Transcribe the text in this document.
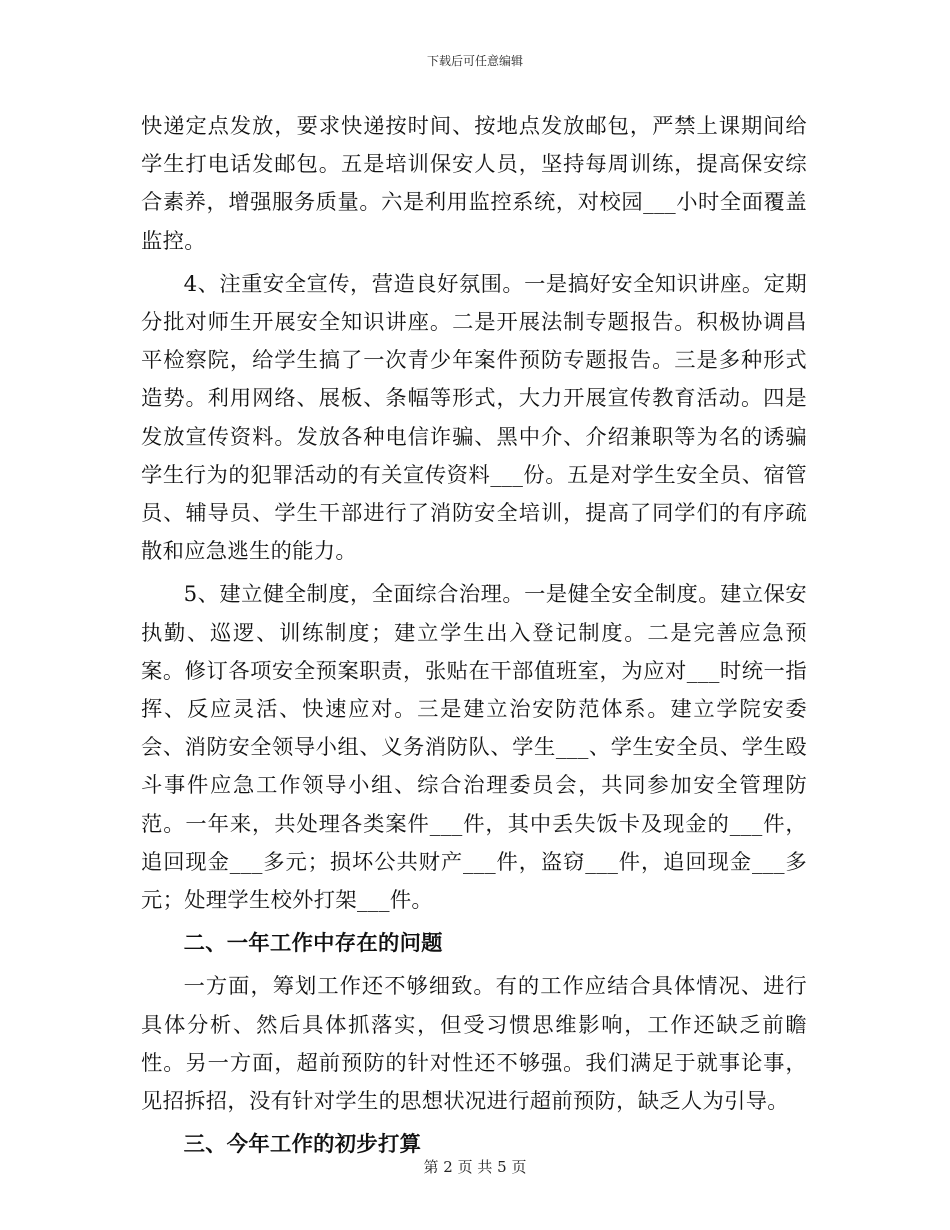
下载后可任意编辑

快递定点发放，要求快递按时间、按地点发放邮包，严禁上课期间给学生打电话发邮包。五是培训保安人员，坚持每周训练，提高保安综合素养，增强服务质量。六是利用监控系统，对校园___小时全面覆盖监控。

4、注重安全宣传，营造良好氛围。一是搞好安全知识讲座。定期分批对师生开展安全知识讲座。二是开展法制专题报告。积极协调昌平检察院，给学生搞了一次青少年案件预防专题报告。三是多种形式造势。利用网络、展板、条幅等形式，大力开展宣传教育活动。四是发放宣传资料。发放各种电信诈骗、黑中介、介绍兼职等为名的诱骗学生行为的犯罪活动的有关宣传资料___份。五是对学生安全员、宿管员、辅导员、学生干部进行了消防安全培训，提高了同学们的有序疏散和应急逃生的能力。

5、建立健全制度，全面综合治理。一是健全安全制度。建立保安执勤、巡逻、训练制度；建立学生出入登记制度。二是完善应急预案。修订各项安全预案职责，张贴在干部值班室，为应对___时统一指挥、反应灵活、快速应对。三是建立治安防范体系。建立学院安委会、消防安全领导小组、义务消防队、学生___、学生安全员、学生殴斗事件应急工作领导小组、综合治理委员会，共同参加安全管理防范。一年来，共处理各类案件___件，其中丢失饭卡及现金的___件，追回现金___多元；损坏公共财产___件，盗窃___件，追回现金___多元；处理学生校外打架___件。

二、一年工作中存在的问题

一方面，筹划工作还不够细致。有的工作应结合具体情况、进行具体分析、然后具体抓落实，但受习惯思维影响，工作还缺乏前瞻性。另一方面，超前预防的针对性还不够强。我们满足于就事论事，见招拆招，没有针对学生的思想状况进行超前预防，缺乏人为引导。

三、今年工作的初步打算

第 2 页 共 5 页
